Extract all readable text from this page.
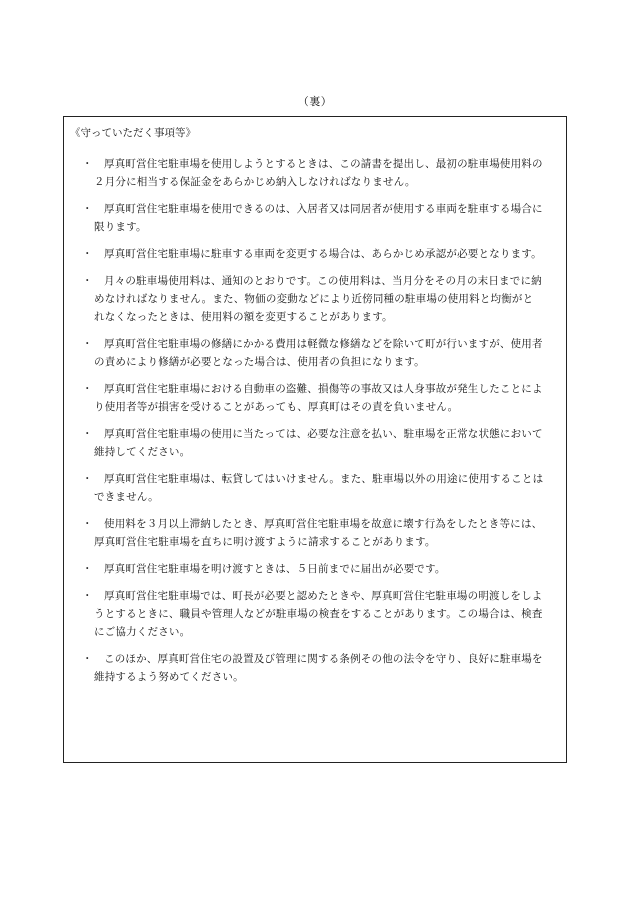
（裏）
《守っていただく事項等》
・	厚真町営住宅駐車場を使用しようとするときは、この請書を提出し、最初の駐車場使用料の２月分に相当する保証金をあらかじめ納入しなければなりません。
・	厚真町営住宅駐車場を使用できるのは、入居者又は同居者が使用する車両を駐車する場合に限ります。
・	厚真町営住宅駐車場に駐車する車両を変更する場合は、あらかじめ承認が必要となります。
・	月々の駐車場使用料は、通知のとおりです。この使用料は、当月分をその月の末日までに納めなければなりません。また、物価の変動などにより近傍同種の駐車場の使用料と均衡がとれなくなったときは、使用料の額を変更することがあります。
・	厚真町営住宅駐車場の修繕にかかる費用は軽微な修繕などを除いて町が行いますが、使用者の責めにより修繕が必要となった場合は、使用者の負担になります。
・	厚真町営住宅駐車場における自動車の盗難、損傷等の事故又は人身事故が発生したことにより使用者等が損害を受けることがあっても、厚真町はその責を負いません。
・	厚真町営住宅駐車場の使用に当たっては、必要な注意を払い、駐車場を正常な状態において維持してください。
・	厚真町営住宅駐車場は、転貸してはいけません。また、駐車場以外の用途に使用することはできません。
・	使用料を３月以上滞納したとき、厚真町営住宅駐車場を故意に壊す行為をしたとき等には、厚真町営住宅駐車場を直ちに明け渡すように請求することがあります。
・	厚真町営住宅駐車場を明け渡すときは、５日前までに届出が必要です。
・	厚真町営住宅駐車場では、町長が必要と認めたときや、厚真町営住宅駐車場の明渡しをしようとするときに、職員や管理人などが駐車場の検査をすることがあります。この場合は、検査にご協力ください。
・	このほか、厚真町営住宅の設置及び管理に関する条例その他の法令を守り、良好に駐車場を維持するよう努めてください。
